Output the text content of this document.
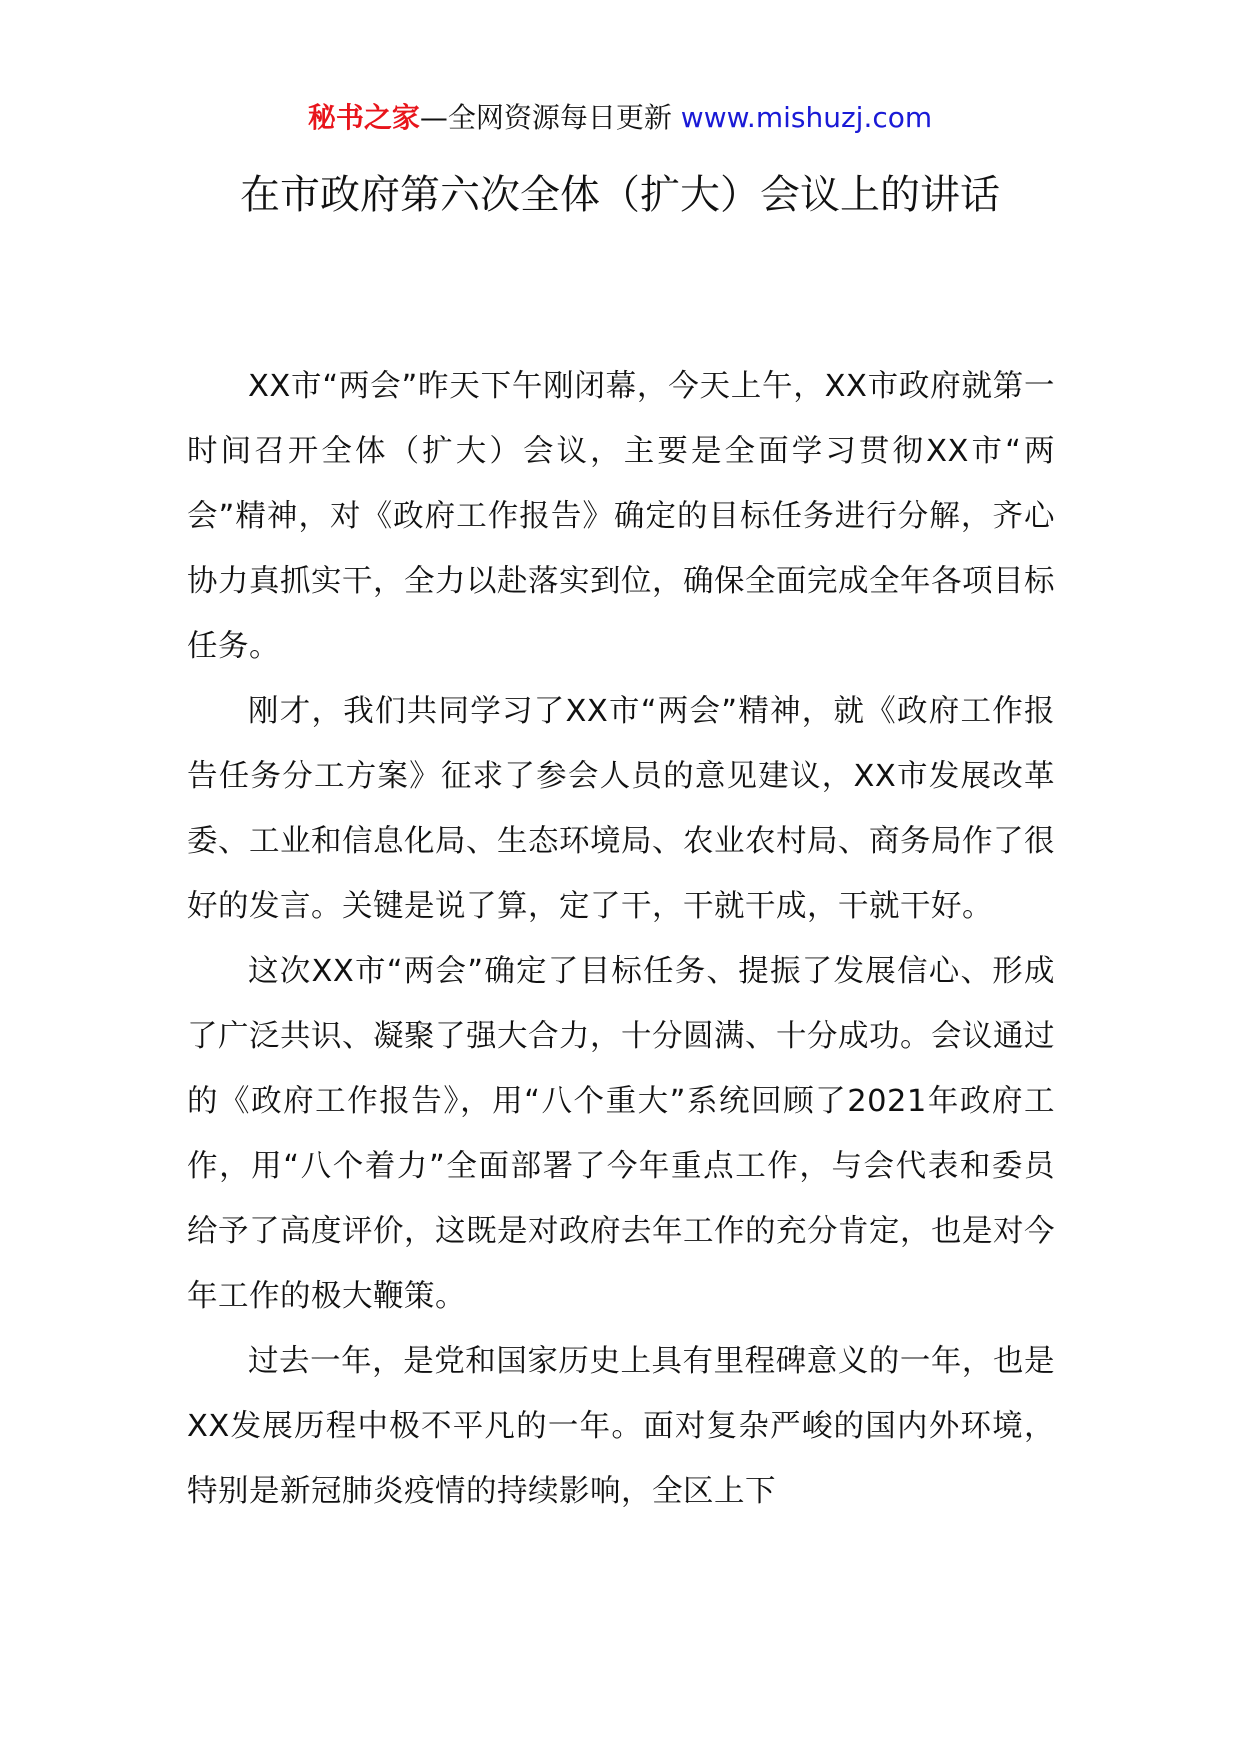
秘书之家—全网资源每日更新 www.mishuzj.com
在市政府第六次全体（扩大）会议上的讲话

XX市“两会”昨天下午刚闭幕，今天上午，XX市政府就第一时间召开全体（扩大）会议，主要是全面学习贯彻XX市“两会”精神，对《政府工作报告》确定的目标任务进行分解，齐心协力真抓实干，全力以赴落实到位，确保全面完成全年各项目标任务。

刚才，我们共同学习了XX市“两会”精神，就《政府工作报告任务分工方案》征求了参会人员的意见建议，XX市发展改革委、工业和信息化局、生态环境局、农业农村局、商务局作了很好的发言。关键是说了算，定了干，干就干成，干就干好。

这次XX市“两会”确定了目标任务、提振了发展信心、形成了广泛共识、凝聚了强大合力，十分圆满、十分成功。会议通过的《政府工作报告》，用“八个重大”系统回顾了2021年政府工作，用“八个着力”全面部署了今年重点工作，与会代表和委员给予了高度评价，这既是对政府去年工作的充分肯定，也是对今年工作的极大鞭策。

过去一年，是党和国家历史上具有里程碑意义的一年，也是XX发展历程中极不平凡的一年。面对复杂严峻的国内外环境，特别是新冠肺炎疫情的持续影响，全区上下
